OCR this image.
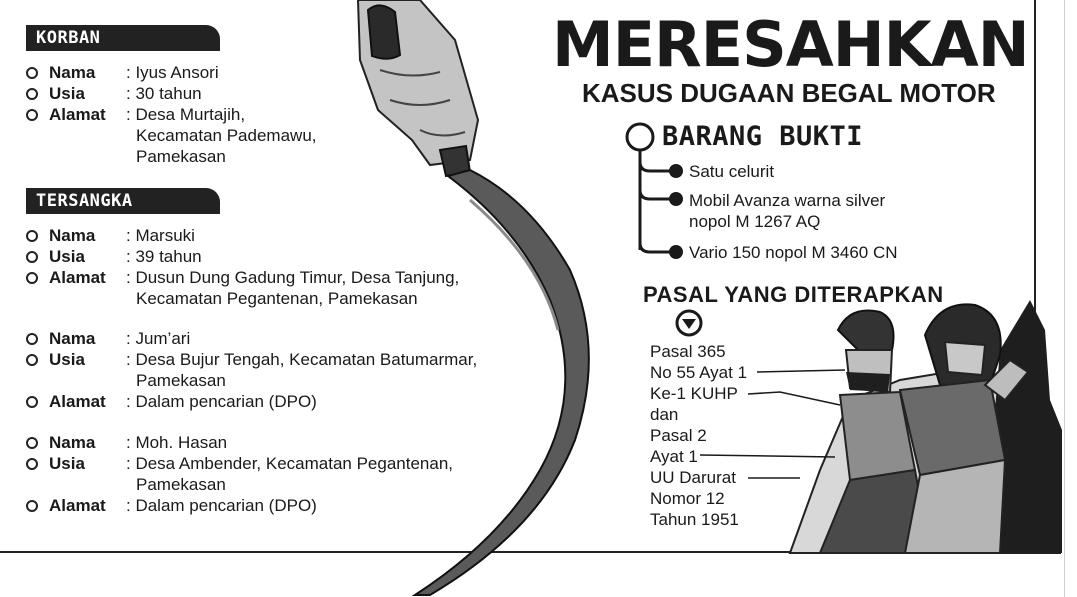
KORBAN
Nama	: Iyus Ansori
Usia	: 30 tahun
Alamat	: Desa Murtajih,
Kecamatan Pademawu,
Pamekasan
TERSANGKA
Nama	: Marsuki
Usia	: 39 tahun
Alamat	: Dusun Dung Gadung Timur, Desa Tanjung,
Kecamatan Pegantenan, Pamekasan
Nama	: Jum’ari
Usia	: Desa Bujur Tengah, Kecamatan Batumarmar,
Pamekasan
Alamat	: Dalam pencarian (DPO)
Nama	: Moh. Hasan
Usia	: Desa Ambender, Kecamatan Pegantenan,
Pamekasan
Alamat	: Dalam pencarian (DPO)
MERESAHKAN
KASUS DUGAAN BEGAL MOTOR
BARANG BUKTI
Satu celurit
Mobil Avanza warna silver
nopol M 1267 AQ
Vario 150 nopol M 3460 CN
PASAL YANG DITERAPKAN
Pasal 365
No 55 Ayat 1
Ke-1 KUHP
dan
Pasal 2
Ayat 1
UU Darurat
Nomor 12
Tahun 1951
